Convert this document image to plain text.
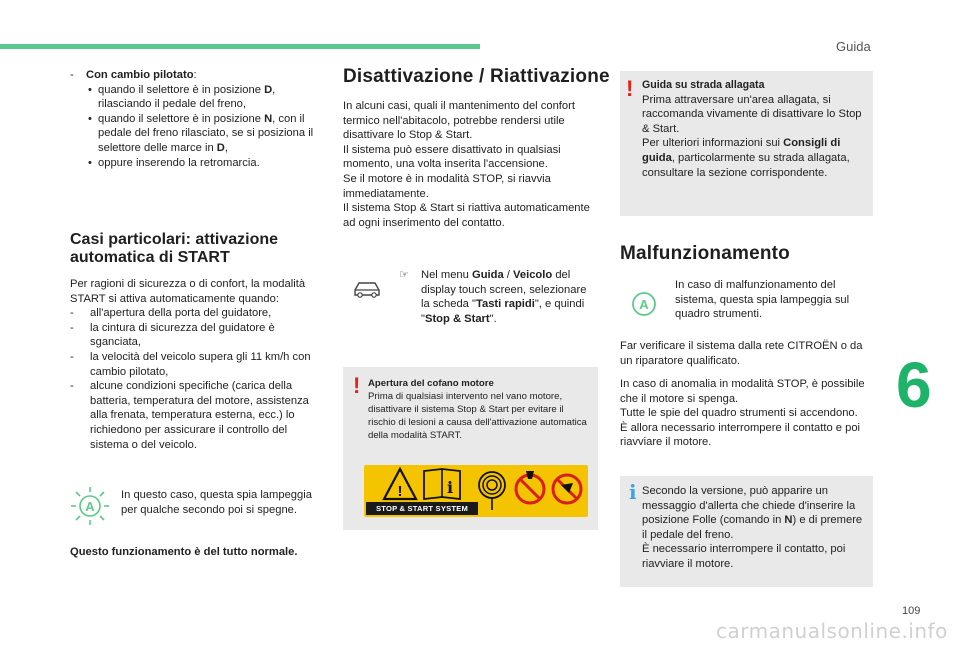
Guida
- Con cambio pilotato:
• quando il selettore è in posizione D, rilasciando il pedale del freno,
• quando il selettore è in posizione N, con il pedale del freno rilasciato, se si posiziona il selettore delle marce in D,
• oppure inserendo la retromarcia.
Casi particolari: attivazione automatica di START
Per ragioni di sicurezza o di confort, la modalità START si attiva automaticamente quando:
- all'apertura della porta del guidatore,
- la cintura di sicurezza del guidatore è sganciata,
- la velocità del veicolo supera gli 11 km/h con cambio pilotato,
- alcune condizioni specifiche (carica della batteria, temperatura del motore, assistenza alla frenata, temperatura esterna, ecc.) lo richiedono per assicurare il controllo del sistema o del veicolo.
A
In questo caso, questa spia lampeggia per qualche secondo poi si spegne.
Questo funzionamento è del tutto normale.
Disattivazione / Riattivazione
In alcuni casi, quali il mantenimento del confort termico nell'abitacolo, potrebbe rendersi utile disattivare lo Stop & Start.
Il sistema può essere disattivato in qualsiasi momento, una volta inserita l'accensione.
Se il motore è in modalità STOP, si riavvia immediatamente.
Il sistema Stop & Start si riattiva automaticamente ad ogni inserimento del contatto.
☞	Nel menu Guida / Veicolo del display touch screen, selezionare la scheda "Tasti rapidi", e quindi "Stop & Start".
! Apertura del cofano motore
Prima di qualsiasi intervento nel vano motore, disattivare il sistema Stop & Start per evitare il rischio di lesioni a causa dell'attivazione automatica della modalità START.
!	i
STOP & START SYSTEM
! Guida su strada allagata
Prima attraversare un'area allagata, si raccomanda vivamente di disattivare lo Stop & Start.
Per ulteriori informazioni sui Consigli di guida, particolarmente su strada allagata, consultare la sezione corrispondente.
Malfunzionamento
A
In caso di malfunzionamento del sistema, questa spia lampeggia sul quadro strumenti.
Far verificare il sistema dalla rete CITROËN o da un riparatore qualificato.
In caso di anomalia in modalità STOP, è possibile che il motore si spenga.
Tutte le spie del quadro strumenti si accendono.
È allora necessario interrompere il contatto e poi riavviare il motore.
i Secondo la versione, può apparire un messaggio d'allerta che chiede d'inserire la posizione Folle (comando in N) e di premere il pedale del freno.
È necessario interrompere il contatto, poi riavviare il motore.
6
109
carmanualsonline.info
